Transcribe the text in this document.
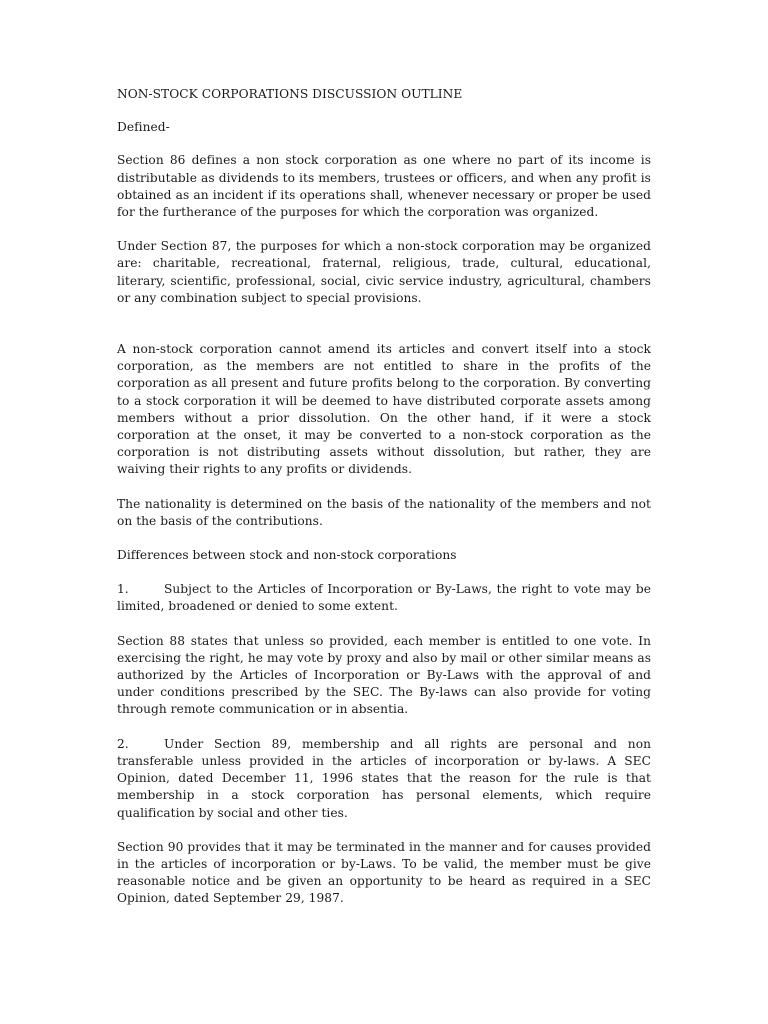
NON-STOCK CORPORATIONS DISCUSSION OUTLINE
Defined-
Section 86 defines a non stock corporation as one where no part of its income is distributable as dividends to its members, trustees or officers, and when any profit is obtained as an incident if its operations shall, whenever necessary or proper be used for the furtherance of the purposes for which the corporation was organized.
Under Section 87, the purposes for which a non-stock corporation may be organized are: charitable, recreational, fraternal, religious, trade, cultural, educational, literary, scientific, professional, social, civic service industry, agricultural, chambers or any combination subject to special provisions.
A non-stock corporation cannot amend its articles and convert itself into a stock corporation, as the members are not entitled to share in the profits of the corporation as all present and future profits belong to the corporation. By converting to a stock corporation it will be deemed to have distributed corporate assets among members without a prior dissolution. On the other hand, if it were a stock corporation at the onset, it may be converted to a non-stock corporation as the corporation is not distributing assets without dissolution, but rather, they are waiving their rights to any profits or dividends.
The nationality is determined on the basis of the nationality of the members and not on the basis of the contributions.
Differences between stock and non-stock corporations
1.	Subject to the Articles of Incorporation or By-Laws, the right to vote may be limited, broadened or denied to some extent.
Section 88 states that unless so provided, each member is entitled to one vote. In exercising the right, he may vote by proxy and also by mail or other similar means as authorized by the Articles of Incorporation or By-Laws with the approval of and under conditions prescribed by the SEC. The By-laws can also provide for voting through remote communication or in absentia.
2.	Under Section 89, membership and all rights are personal and non transferable unless provided in the articles of incorporation or by-laws. A SEC Opinion, dated December 11, 1996 states that the reason for the rule is that membership in a stock corporation has personal elements, which require qualification by social and other ties.
Section 90 provides that it may be terminated in the manner and for causes provided in the articles of incorporation or by-Laws. To be valid, the member must be give reasonable notice and be given an opportunity to be heard as required in a SEC Opinion, dated September 29, 1987.
